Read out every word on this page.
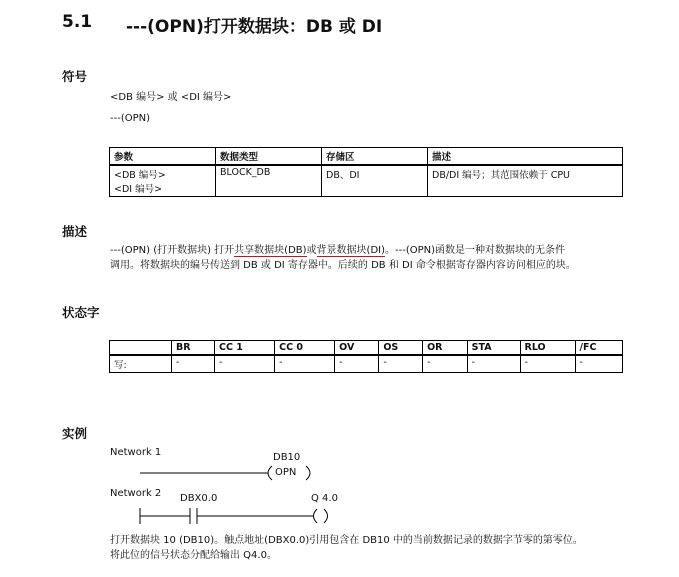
5.1 ---(OPN)打开数据块：DB 或 DI
符号
<DB 编号> 或 <DI 编号>
---(OPN)
参数	数据类型	存储区	描述

<DB 编号>
<DI 编号>	BLOCK_DB	DB、DI	DB/DI 编号；其范围依赖于 CPU
描述
---(OPN) (打开数据块) 打开共享数据块(DB)或背景数据块(DI)。---(OPN)函数是一种对数据块的无条件
调用。将数据块的编号传送到 DB 或 DI 寄存器中。后续的 DB 和 DI 命令根据寄存器内容访问相应的块。
状态字
	BR	CC 1	CC 0	OV	OS	OR	STA	RLO	/FC
写:	-	-	-	-	-	-	-	-	-
实例
Network 1	DB10
OPN
Network 2 DBX0.0	Q 4.0
打开数据块 10 (DB10)。触点地址(DBX0.0)引用包含在 DB10 中的当前数据记录的数据字节零的第零位。
将此位的信号状态分配给输出 Q4.0。
